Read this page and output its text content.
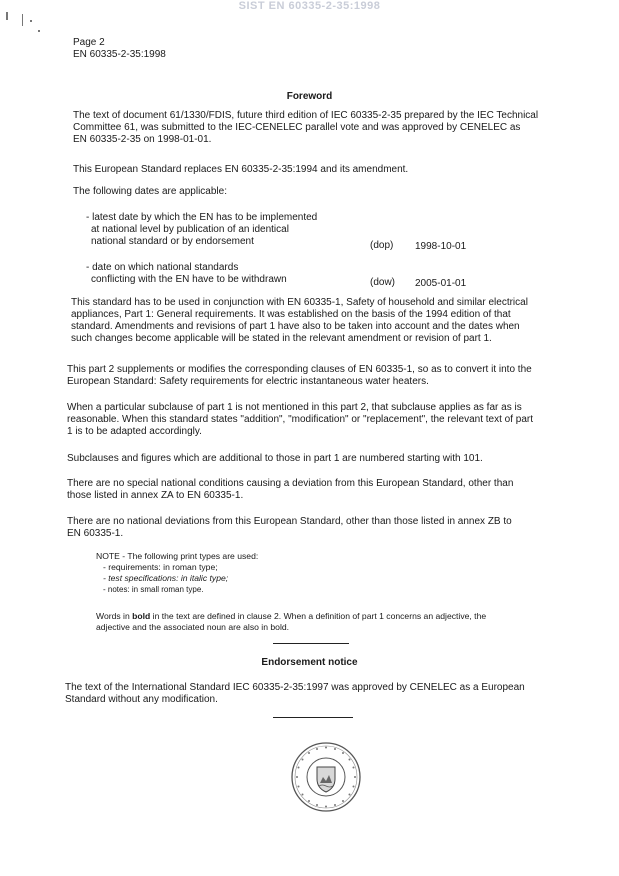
SIST EN 60335-2-35:1998
Page 2
EN 60335-2-35:1998
Foreword
The text of document 61/1330/FDIS, future third edition of IEC 60335-2-35 prepared by the IEC Technical
Committee 61, was submitted to the IEC-CENELEC parallel vote and was approved by CENELEC as
EN 60335-2-35 on 1998-01-01.
This European Standard replaces EN 60335-2-35:1994 and its amendment.
The following dates are applicable:
- latest date by which the EN has to be implemented
at national level by publication of an identical
national standard or by endorsement	(dop) 1998-10-01
- date on which national standards
conflicting with the EN have to be withdrawn	(dow) 2005-01-01
This standard has to be used in conjunction with EN 60335-1, Safety of household and similar electrical
appliances, Part 1: General requirements. It was established on the basis of the 1994 edition of that
standard. Amendments and revisions of part 1 have also to be taken into account and the dates when
such changes become applicable will be stated in the relevant amendment or revision of part 1.
This part 2 supplements or modifies the corresponding clauses of EN 60335-1, so as to convert it into the
European Standard: Safety requirements for electric instantaneous water heaters.
When a particular subclause of part 1 is not mentioned in this part 2, that subclause applies as far as is
reasonable. When this standard states "addition", "modification" or "replacement", the relevant text of part
1 is to be adapted accordingly.
Subclauses and figures which are additional to those in part 1 are numbered starting with 101.
There are no special national conditions causing a deviation from this European Standard, other than
those listed in annex ZA to EN 60335-1.
There are no national deviations from this European Standard, other than those listed in annex ZB to
EN 60335-1.
NOTE - The following print types are used:
- requirements: in roman type;
- test specifications: in italic type;
- notes: in small roman type.
Words in bold in the text are defined in clause 2. When a definition of part 1 concerns an adjective, the
adjective and the associated noun are also in bold.
Endorsement notice
The text of the International Standard IEC 60335-2-35:1997 was approved by CENELEC as a European
Standard without any modification.
